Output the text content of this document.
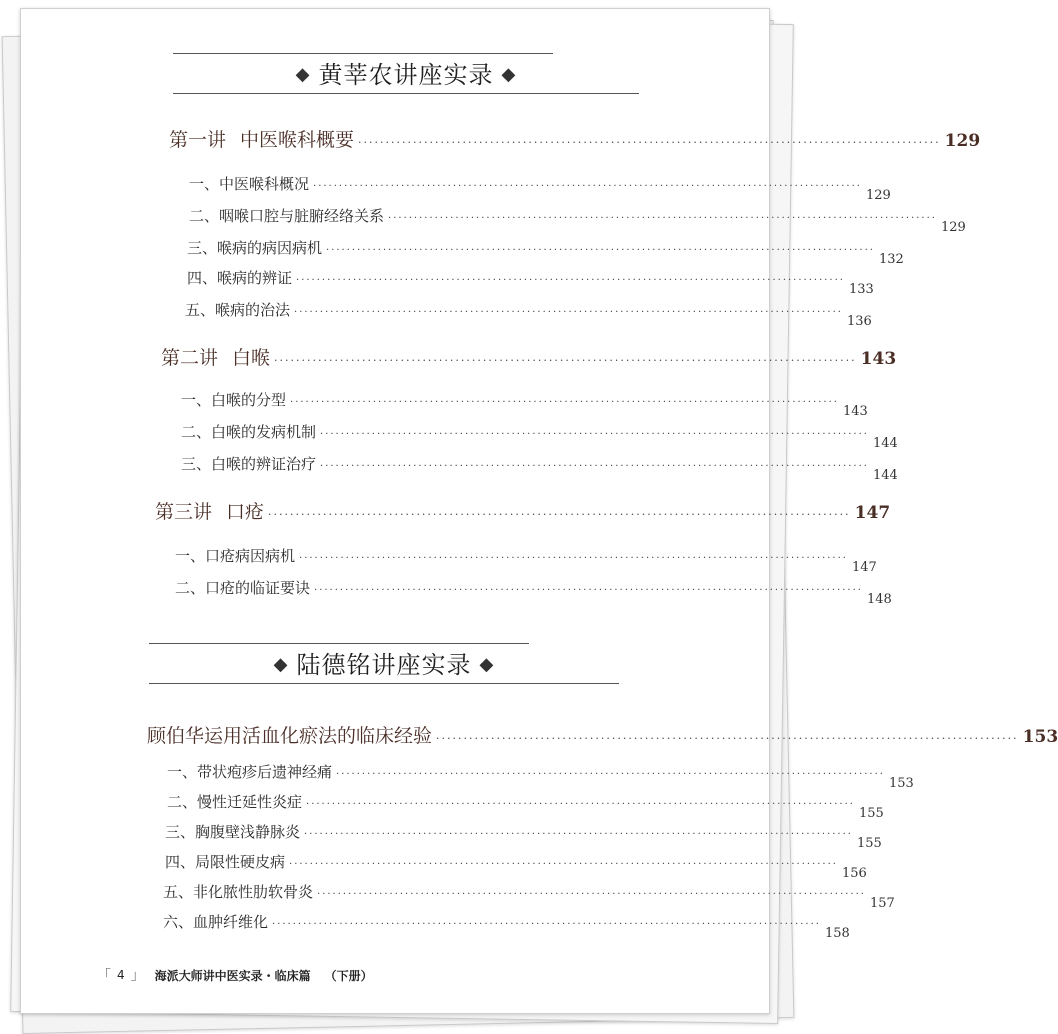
◆ 黄莘农讲座实录 ◆
第一讲 中医喉科概要 ·········································································································· 129
一、中医喉科概况 ··········································································································
129
二、咽喉口腔与脏腑经络关系 ··········································································································
129
三、喉病的病因病机 ··········································································································
132
四、喉病的辨证 ··········································································································
133
五、喉病的治法 ··········································································································
136
第二讲 白喉 ·········································································································· 143
一、白喉的分型 ··········································································································
143
二、白喉的发病机制 ··········································································································
144
三、白喉的辨证治疗 ··········································································································
144
第三讲 口疮 ·········································································································· 147
一、口疮病因病机 ··········································································································
147
二、口疮的临证要诀 ··········································································································
148
◆ 陆德铭讲座实录 ◆
顾伯华运用活血化瘀法的临床经验 ·········································································································· 153
一、带状疱疹后遗神经痛 ··········································································································
153
二、慢性迁延性炎症 ··········································································································
155
三、胸腹壁浅静脉炎 ··········································································································
155
四、局限性硬皮病 ··········································································································
156
五、非化脓性肋软骨炎 ··········································································································
157
六、血肿纤维化 ··········································································································
158
「 4 」 海派大师讲中医实录・临床篇 （下册）
